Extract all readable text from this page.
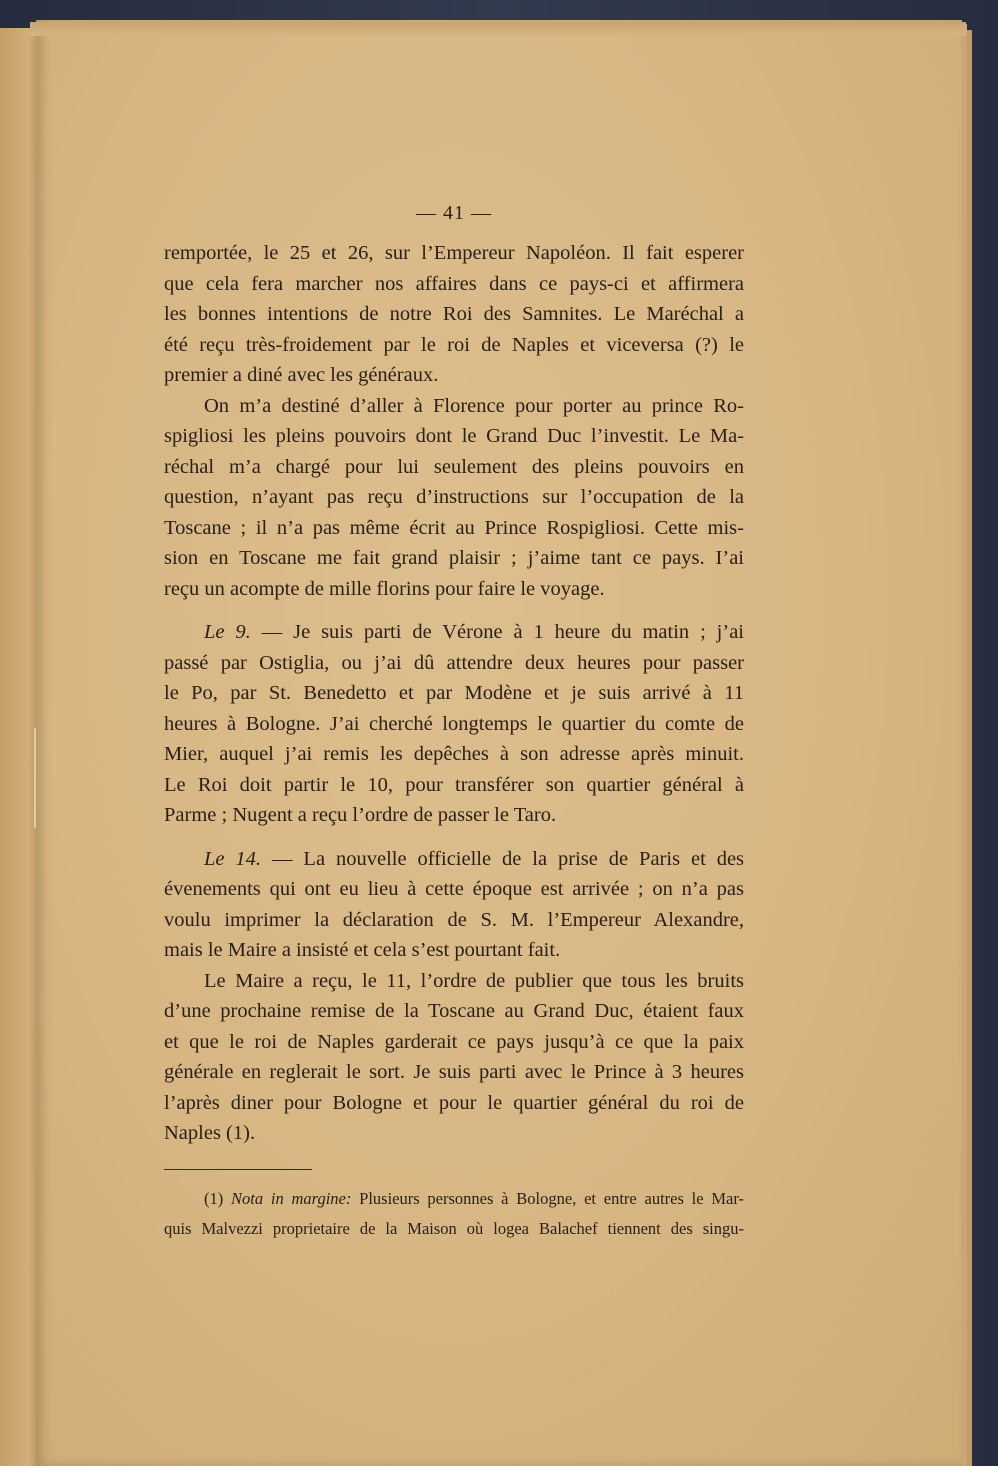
— 41 —
remportée, le 25 et 26, sur l’Empereur Napoléon. Il fait esperer
que cela fera marcher nos affaires dans ce pays-ci et affirmera
les bonnes intentions de notre Roi des Samnites. Le Maréchal a
été reçu très-froidement par le roi de Naples et viceversa (?) le
premier a diné avec les généraux.
On m’a destiné d’aller à Florence pour porter au prince Ro-
spigliosi les pleins pouvoirs dont le Grand Duc l’investit. Le Ma-
réchal m’a chargé pour lui seulement des pleins pouvoirs en
question, n’ayant pas reçu d’instructions sur l’occupation de la
Toscane ; il n’a pas même écrit au Prince Rospigliosi. Cette mis-
sion en Toscane me fait grand plaisir ; j’aime tant ce pays. I’ai
reçu un acompte de mille florins pour faire le voyage.
Le 9. — Je suis parti de Vérone à 1 heure du matin ; j’ai
passé par Ostiglia, ou j’ai dû attendre deux heures pour passer
le Po, par St. Benedetto et par Modène et je suis arrivé à 11
heures à Bologne. J’ai cherché longtemps le quartier du comte de
Mier, auquel j’ai remis les depêches à son adresse après minuit.
Le Roi doit partir le 10, pour transférer son quartier général à
Parme ; Nugent a reçu l’ordre de passer le Taro.
Le 14. — La nouvelle officielle de la prise de Paris et des
évenements qui ont eu lieu à cette époque est arrivée ; on n’a pas
voulu imprimer la déclaration de S. M. l’Empereur Alexandre,
mais le Maire a insisté et cela s’est pourtant fait.
Le Maire a reçu, le 11, l’ordre de publier que tous les bruits
d’une prochaine remise de la Toscane au Grand Duc, étaient faux
et que le roi de Naples garderait ce pays jusqu’à ce que la paix
générale en reglerait le sort. Je suis parti avec le Prince à 3 heures
l’après diner pour Bologne et pour le quartier général du roi de
Naples (1).
(1) Nota in margine: Plusieurs personnes à Bologne, et entre autres le Mar-
quis Malvezzi proprietaire de la Maison où logea Balachef tiennent des singu-
